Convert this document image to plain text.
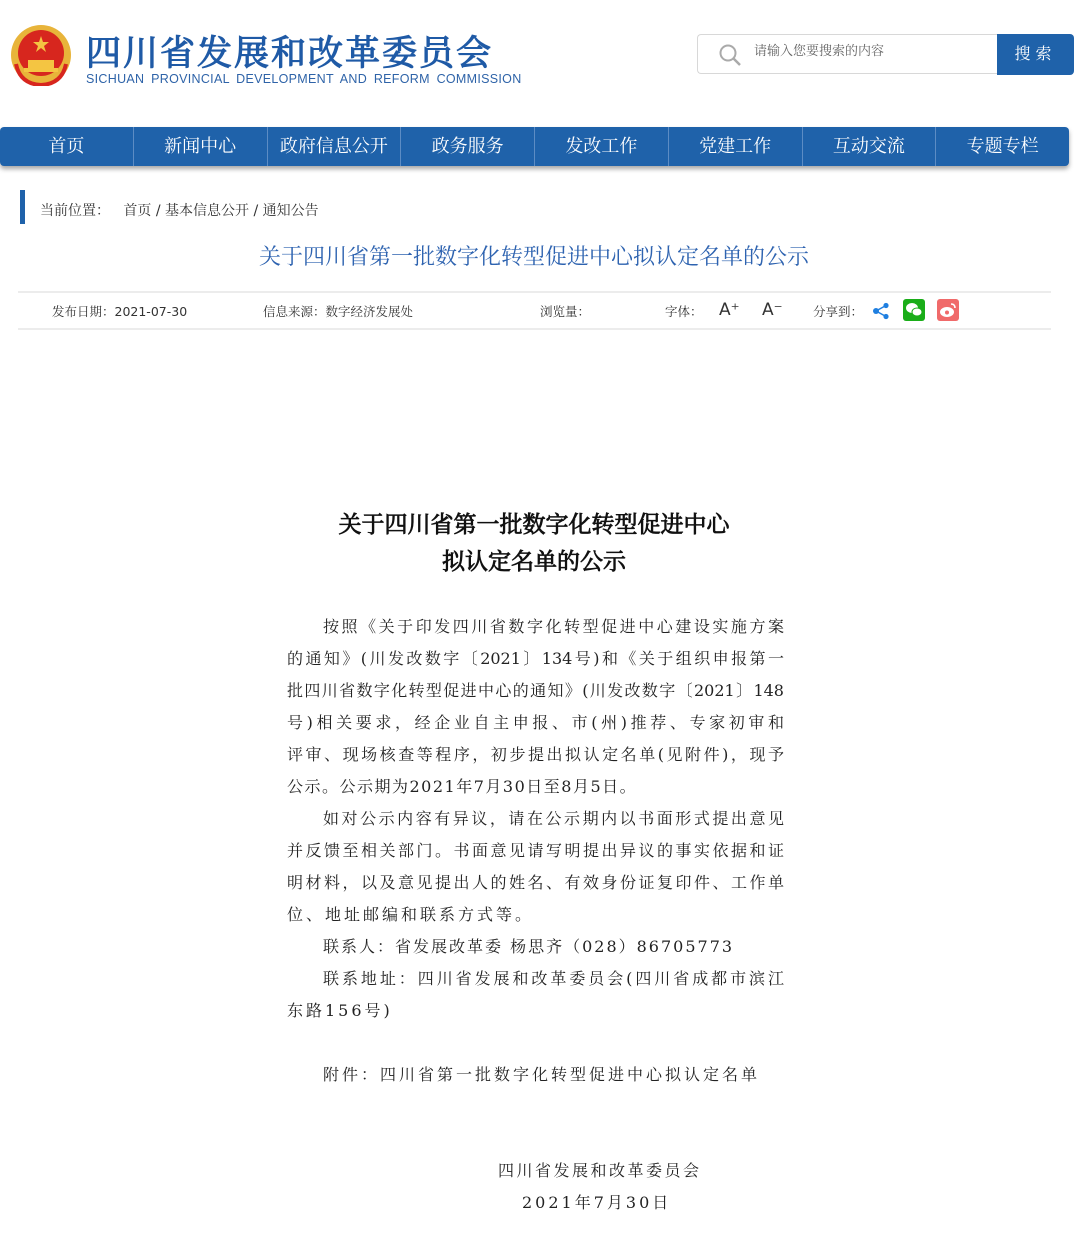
四川省发展和改革委员会
SICHUAN PROVINCIAL DEVELOPMENT AND REFORM COMMISSION
请输入您要搜索的内容
搜索
首页	新闻中心	政府信息公开	政务服务	发改工作	党建工作	互动交流	专题专栏
当前位置： 首页 / 基本信息公开 / 通知公告
关于四川省第一批数字化转型促进中心拟认定名单的公示
发布日期：2021-07-30	信息来源：数字经济发展处	浏览量：	字体： A⁺ A⁻ 分享到：
关于四川省第一批数字化转型促进中心
拟认定名单的公示
按照《关于印发四川省数字化转型促进中心建设实施方案
的通知》(川发改数字〔2021〕134号)和《关于组织申报第一
批四川省数字化转型促进中心的通知》(川发改数字〔2021〕148
号)相关要求，经企业自主申报、市(州)推荐、专家初审和
评审、现场核查等程序，初步提出拟认定名单(见附件)，现予
公示。公示期为2021年7月30日至8月5日。
如对公示内容有异议，请在公示期内以书面形式提出意见
并反馈至相关部门。书面意见请写明提出异议的事实依据和证
明材料，以及意见提出人的姓名、有效身份证复印件、工作单
位、地址邮编和联系方式等。
联系人：省发展改革委 杨思齐（028）86705773
联系地址：四川省发展和改革委员会(四川省成都市滨江
东路156号)
附件：四川省第一批数字化转型促进中心拟认定名单
四川省发展和改革委员会
2021年7月30日
